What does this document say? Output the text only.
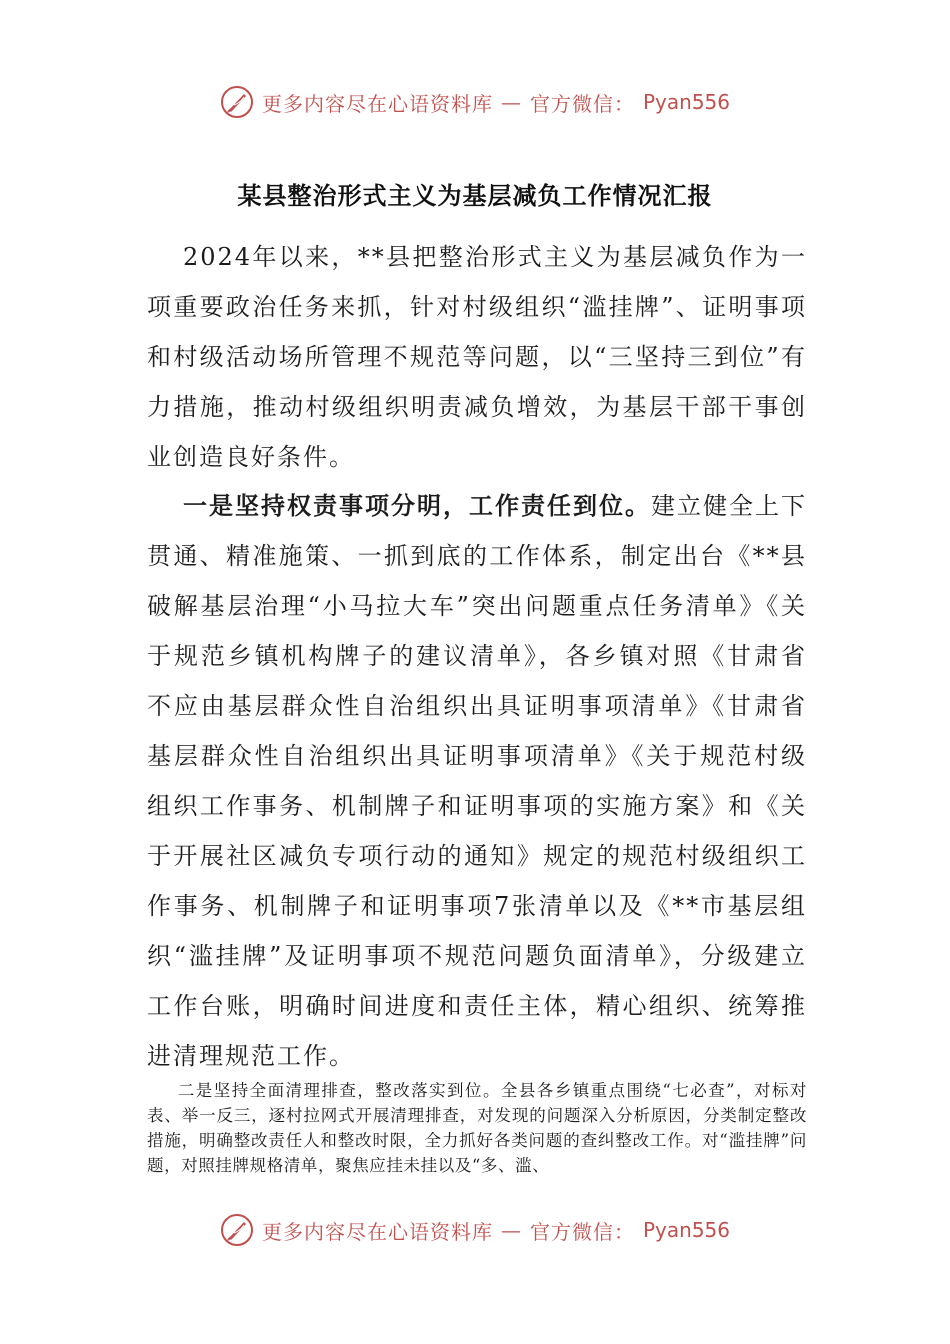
更多内容尽在心语资料库 — 官方微信： Pyan556
某县整治形式主义为基层减负工作情况汇报
2024年以来，**县把整治形式主义为基层减负作为一项重要政治任务来抓，针对村级组织“滥挂牌”、证明事项和村级活动场所管理不规范等问题，以“三坚持三到位”有力措施，推动村级组织明责减负增效，为基层干部干事创业创造良好条件。
一是坚持权责事项分明，工作责任到位。建立健全上下贯通、精准施策、一抓到底的工作体系，制定出台《**县破解基层治理“小马拉大车”突出问题重点任务清单》《关于规范乡镇机构牌子的建议清单》，各乡镇对照《甘肃省不应由基层群众性自治组织出具证明事项清单》《甘肃省基层群众性自治组织出具证明事项清单》《关于规范村级组织工作事务、机制牌子和证明事项的实施方案》和《关于开展社区减负专项行动的通知》规定的规范村级组织工作事务、机制牌子和证明事项7张清单以及《**市基层组织“滥挂牌”及证明事项不规范问题负面清单》，分级建立工作台账，明确时间进度和责任主体，精心组织、统筹推进清理规范工作。
二是坚持全面清理排查，整改落实到位。全县各乡镇重点围绕“七必查”，对标对表、举一反三，逐村拉网式开展清理排查，对发现的问题深入分析原因，分类制定整改措施，明确整改责任人和整改时限，全力抓好各类问题的查纠整改工作。对“滥挂牌”问题，对照挂牌规格清单，聚焦应挂未挂以及“多、滥、
更多内容尽在心语资料库 — 官方微信： Pyan556
